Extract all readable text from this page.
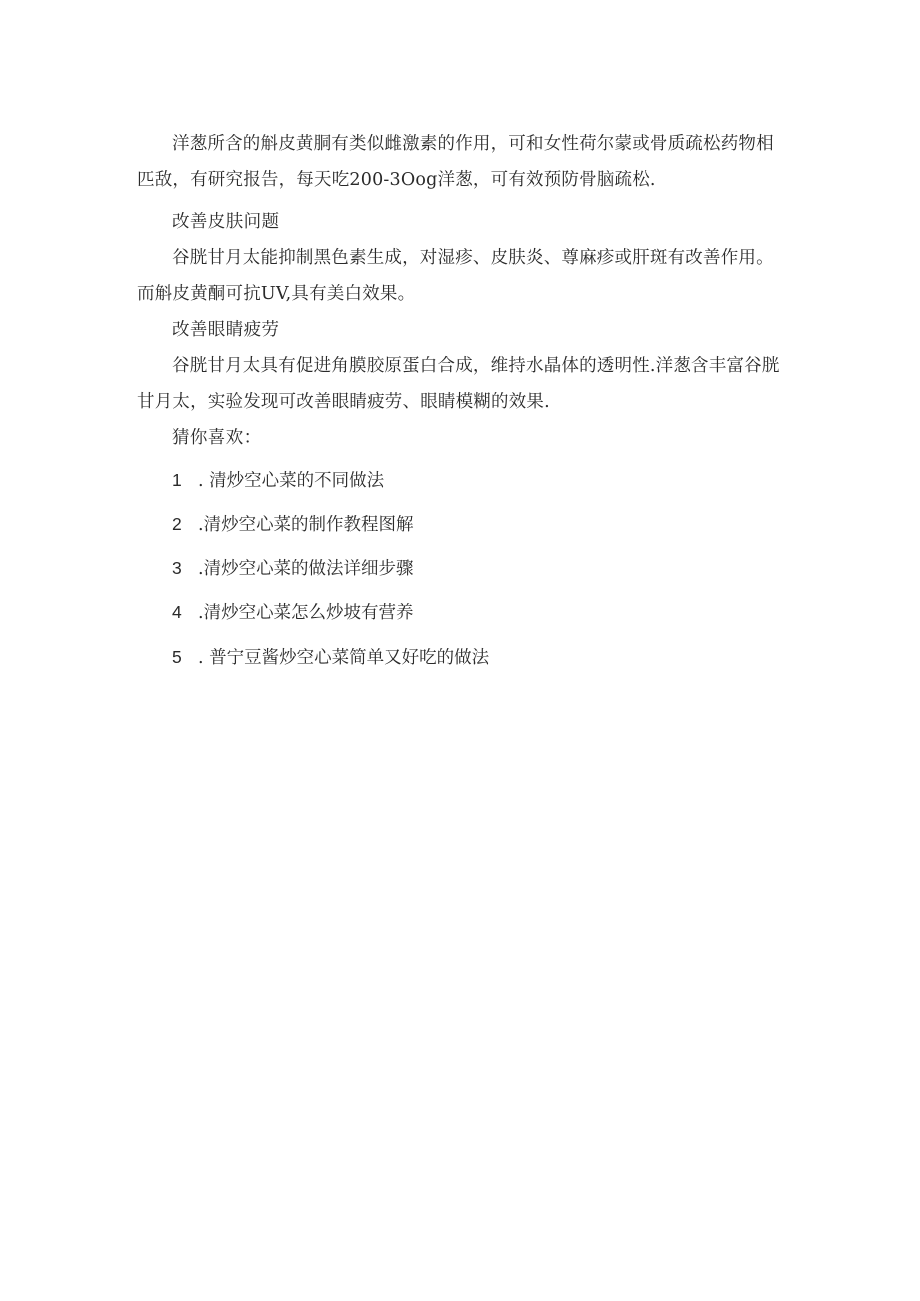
洋葱所含的斛皮黄胴有类似雌激素的作用，可和女性荷尔蒙或骨质疏松药物相匹敌，有研究报告，每天吃200-3Oog洋葱，可有效预防骨脑疏松.

改善皮肤问题

谷胱甘月太能抑制黑色素生成，对湿疹、皮肤炎、尊麻疹或肝斑有改善作用。而斛皮黄酮可抗UV,具有美白效果。

改善眼睛疲劳

谷胱甘月太具有促进角膜胶原蛋白合成，维持水晶体的透明性.洋葱含丰富谷胱甘月太，实验发现可改善眼睛疲劳、眼睛模糊的效果.

猜你喜欢：

1 . 清炒空心菜的不同做法

2 .清炒空心菜的制作教程图解

3 .清炒空心菜的做法详细步骤

4 .清炒空心菜怎么炒坡有营养

5 . 普宁豆酱炒空心菜简单又好吃的做法
